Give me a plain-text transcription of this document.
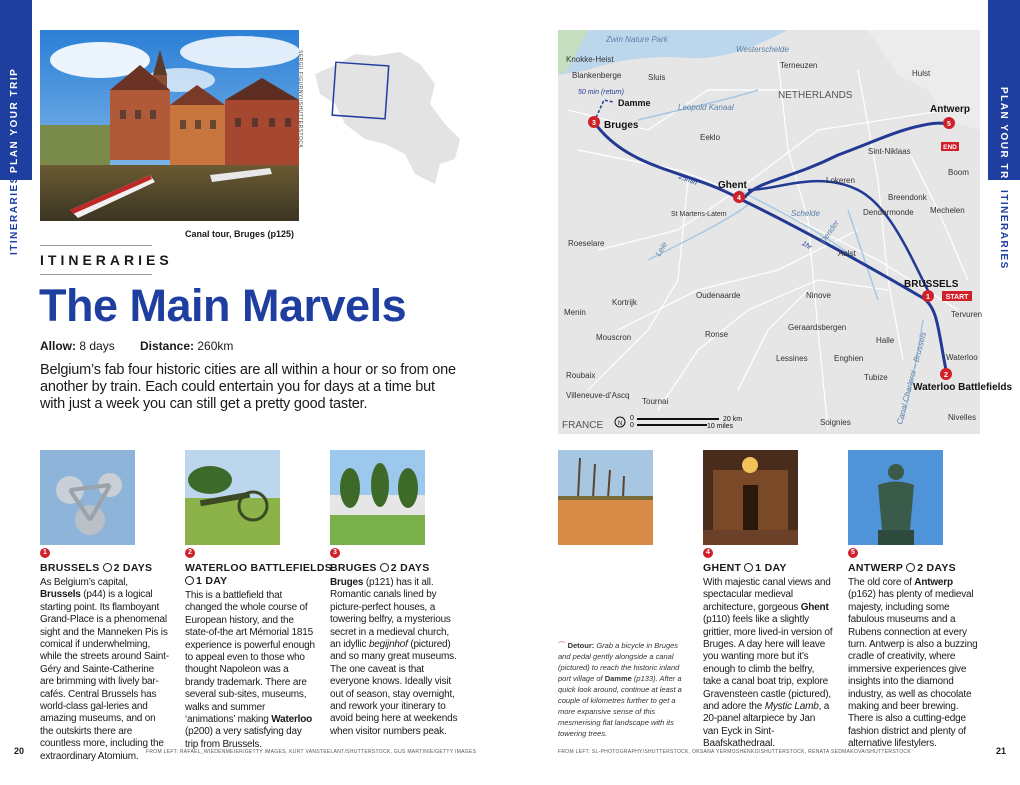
PLAN YOUR TRIP
ITINERARIES
PLAN YOUR TRIP
ITINERARIES
SERGII FIGURNYI/SHUTTERSTOCK
Canal tour, Bruges (p125)
ITINERARIES
The Main Marvels
Allow: 8 days Distance: 260km
Belgium’s fab four historic cities are all within a hour or so from one another by train. Each could entertain you for days at a time but with just a week you can still get a pretty good taster.
Zwin Nature Park
Westerschelde
Knokke-Heist
Blankenberge	Sluis
Terneuzen
Hulst
Damme
NETHERLANDS
Leopold Kanaal
Eeklo
Sint-Niklaas
Ghent	Lokeren
Boom
Breendonk
Dendermonde Mechelen
Schelde
St Martens-Latem
Aalst
Roeselare	Leie
Dender
Oudenaarde	Ninove
Kortrijk
Menin
Ronse
Geraardsbergen
Halle
Mouscron
Lessines	Enghien
Tubize
Roubaix
Villeneuve-d’Ascq
Tournai
Soignies
FRANCE
Tervuren
Waterloo
Canal Charleroi – Brussels Nivelles
50 min (return)
25min
1hr
3
4
5
1
2
Bruges
Antwerp
BRUSSELS
Waterloo Battlefields
START
END
N
0
0
20 km
10 miles
1
BRUSSELS 2 DAYS
As Belgium’s capital, Brussels (p44) is a logical starting point. Its flamboyant Grand-Place is a phenomenal sight and the Manneken Pis is comical if underwhelming, while the streets around Saint-Géry and Sainte-Catherine are brimming with lively bar-cafés. Central Brussels has world-class gal-leries and amazing museums, and on the outskirts there are countless more, including the extraordinary Atomium.
2
WATERLOO BATTLEFIELDS
1 DAY
This is a battlefield that changed the whole course of European history, and the state-of-the art Mémorial 1815 experience is powerful enough to appeal even to those who thought Napoleon was a brandy trademark. There are several sub-sites, museums, walks and summer ‘animations’ making Waterloo (p200) a very satisfying day trip from Brussels.
3
BRUGES 2 DAYS
Bruges (p121) has it all. Romantic canals lined by picture-perfect houses, a towering belfry, a mysterious secret in a medieval church, an idyllic begijnhof (pictured) and so many great museums. The one caveat is that everyone knows. Ideally visit out of season, stay overnight, and rework your itinerary to avoid being here at weekends when visitor numbers peak.
4
GHENT 1 DAY
With majestic canal views and spectacular medieval architecture, gorgeous Ghent (p110) feels like a slightly grittier, more lived-in version of Bruges. A day here will leave you wanting more but it’s enough to climb the belfry, take a canal boat trip, explore Gravensteen castle (pictured), and adore the Mystic Lamb, a 20-panel altarpiece by Jan van Eyck in Sint-Baafskathedraal.
5
ANTWERP 2 DAYS
The old core of Antwerp (p162) has plenty of medieval majesty, including some fabulous museums and a Rubens connection at every turn. Antwerp is also a buzzing cradle of creativity, where immersive experiences give insights into the diamond industry, as well as chocolate making and beer brewing. There is also a cutting-edge fashion district and plenty of alternative lifestylers.
⌒ Detour: Grab a bicycle in Bruges and pedal gently alongside a canal (pictured) to reach the historic inland port village of Damme (p133). After a quick look around, continue at least a couple of kilometres further to get a more expansive sense of this mesmerising flat landscape with its towering trees.
20	FROM LEFT: RAFAEL_WIEDENMEIER/GETTY IMAGES, KURT VANSTEELANT/SHUTTERSTOCK, GUS MARTINIE/GETTY IMAGES	FROM LEFT: SL-PHOTOGRAPHY/SHUTTERSTOCK, OKSANA YERMOSHENKO/SHUTTERSTOCK, RENATA SEDMAKOVA/SHUTTERSTOCK	21
